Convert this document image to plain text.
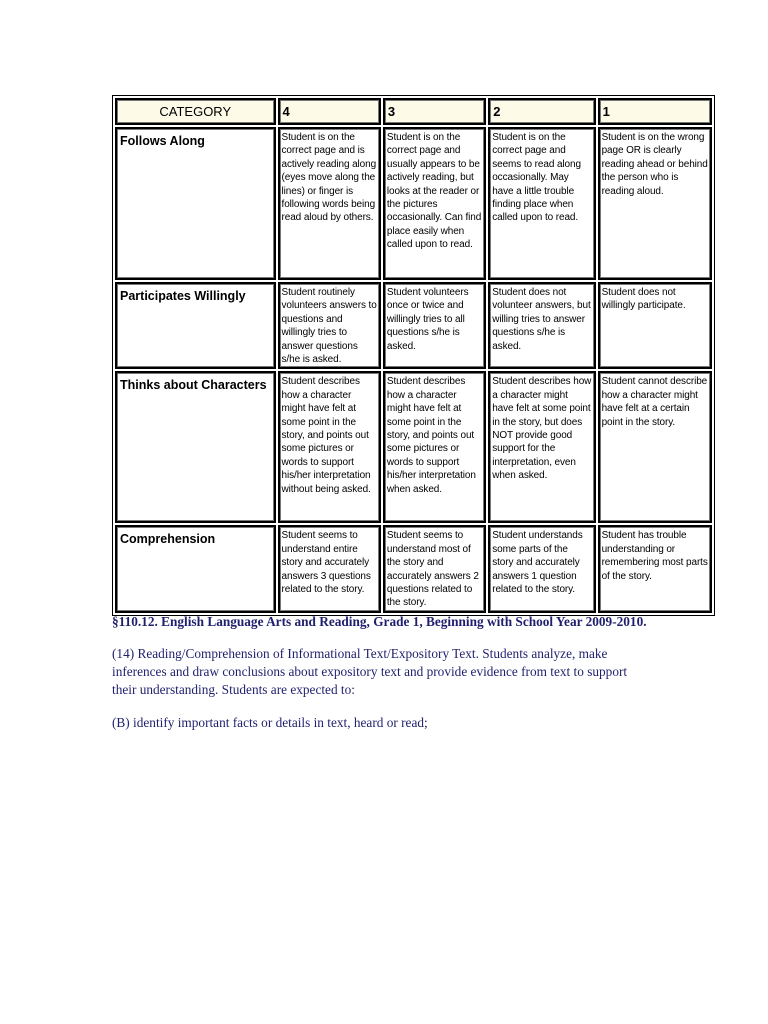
CATEGORY	4	3	2	1
Follows Along	Student is on the correct page and is actively reading along (eyes move along the lines) or finger is following words being read aloud by others.	Student is on the correct page and usually appears to be actively reading, but looks at the reader or the pictures occasionally. Can find place easily when called upon to read.	Student is on the correct page and seems to read along occasionally. May have a little trouble finding place when called upon to read.	Student is on the wrong page OR is clearly reading ahead or behind the person who is reading aloud.
Participates Willingly	Student routinely volunteers answers to questions and willingly tries to answer questions s/he is asked.	Student volunteers once or twice and willingly tries to all questions s/he is asked.	Student does not volunteer answers, but willing tries to answer questions s/he is asked.	Student does not willingly participate.
Thinks about Characters	Student describes how a character might have felt at some point in the story, and points out some pictures or words to support his/her interpretation without being asked.	Student describes how a character might have felt at some point in the story, and points out some pictures or words to support his/her interpretation when asked.	Student describes how a character might have felt at some point in the story, but does NOT provide good support for the interpretation, even when asked.	Student cannot describe how a character might have felt at a certain point in the story.
Comprehension	Student seems to understand entire story and accurately answers 3 questions related to the story.	Student seems to understand most of the story and accurately answers 2 questions related to the story.	Student understands some parts of the story and accurately answers 1 question related to the story.	Student has trouble understanding or remembering most parts of the story.
§110.12. English Language Arts and Reading, Grade 1, Beginning with School Year 2009-2010.

(14) Reading/Comprehension of Informational Text/Expository Text. Students analyze, make inferences and draw conclusions about expository text and provide evidence from text to support their understanding. Students are expected to:

(B) identify important facts or details in text, heard or read;
